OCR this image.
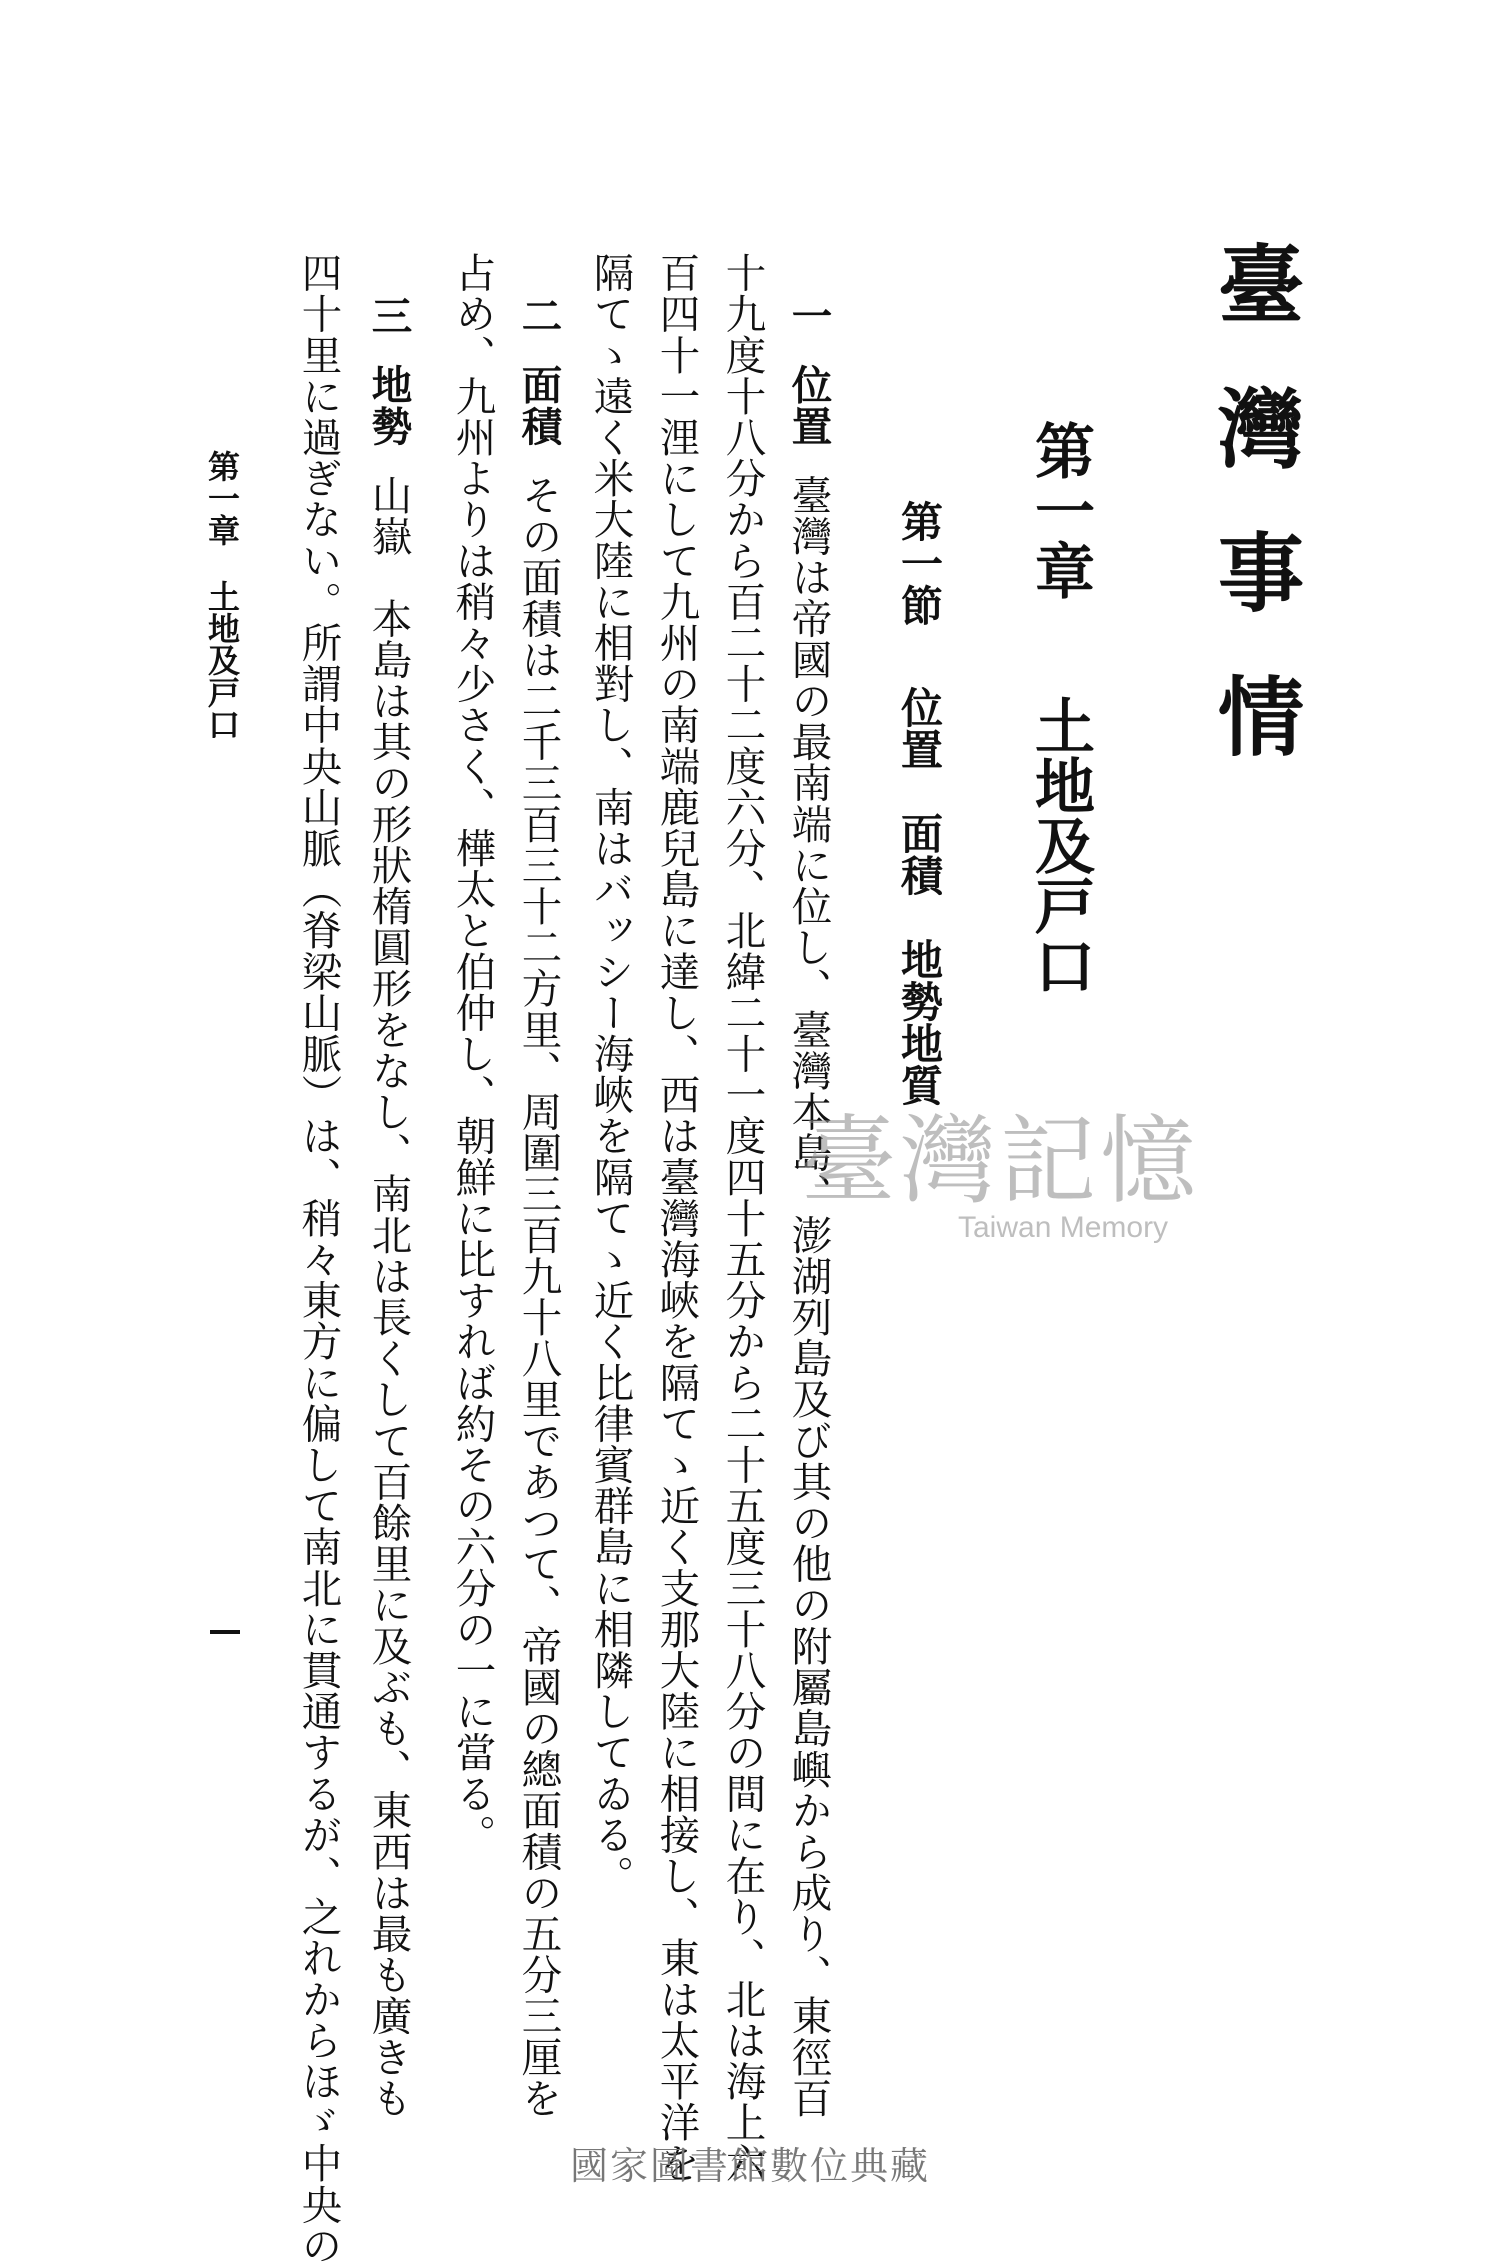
臺灣事情
第一章土地及戸口
第一節位置　面積　地勢地質
一位置臺灣は帝國の最南端に位し、臺灣本島、澎湖列島及び其の他の附屬島嶼から成り、東徑百
十九度十八分から百二十二度六分、北緯二十一度四十五分から二十五度三十八分の間に在り、北は海上六
百四十一浬にして九州の南端鹿兒島に達し、西は臺灣海峽を隔てゝ近く支那大陸に相接し、東は太平洋を
隔てゝ遠く米大陸に相對し、南はバッシー海峽を隔てゝ近く比律賓群島に相隣してゐる。
二面積その面積は二千三百三十二方里、周圍三百九十八里であつて、帝國の總面積の五分三厘を
占め、九州よりは稍々少さく、樺太と伯仲し、朝鮮に比すれば約その六分の一に當る。
三地勢山嶽　本島は其の形狀楕圓形をなし、南北は長くして百餘里に及ぶも、東西は最も廣きも
四十里に過ぎない。所謂中央山脈（脊梁山脈）は、稍々東方に偏して南北に貫通するが、之れからほゞ中央の
第一章土地及戸口
臺灣記憶
Taiwan Memory
國家圖書館數位典藏
